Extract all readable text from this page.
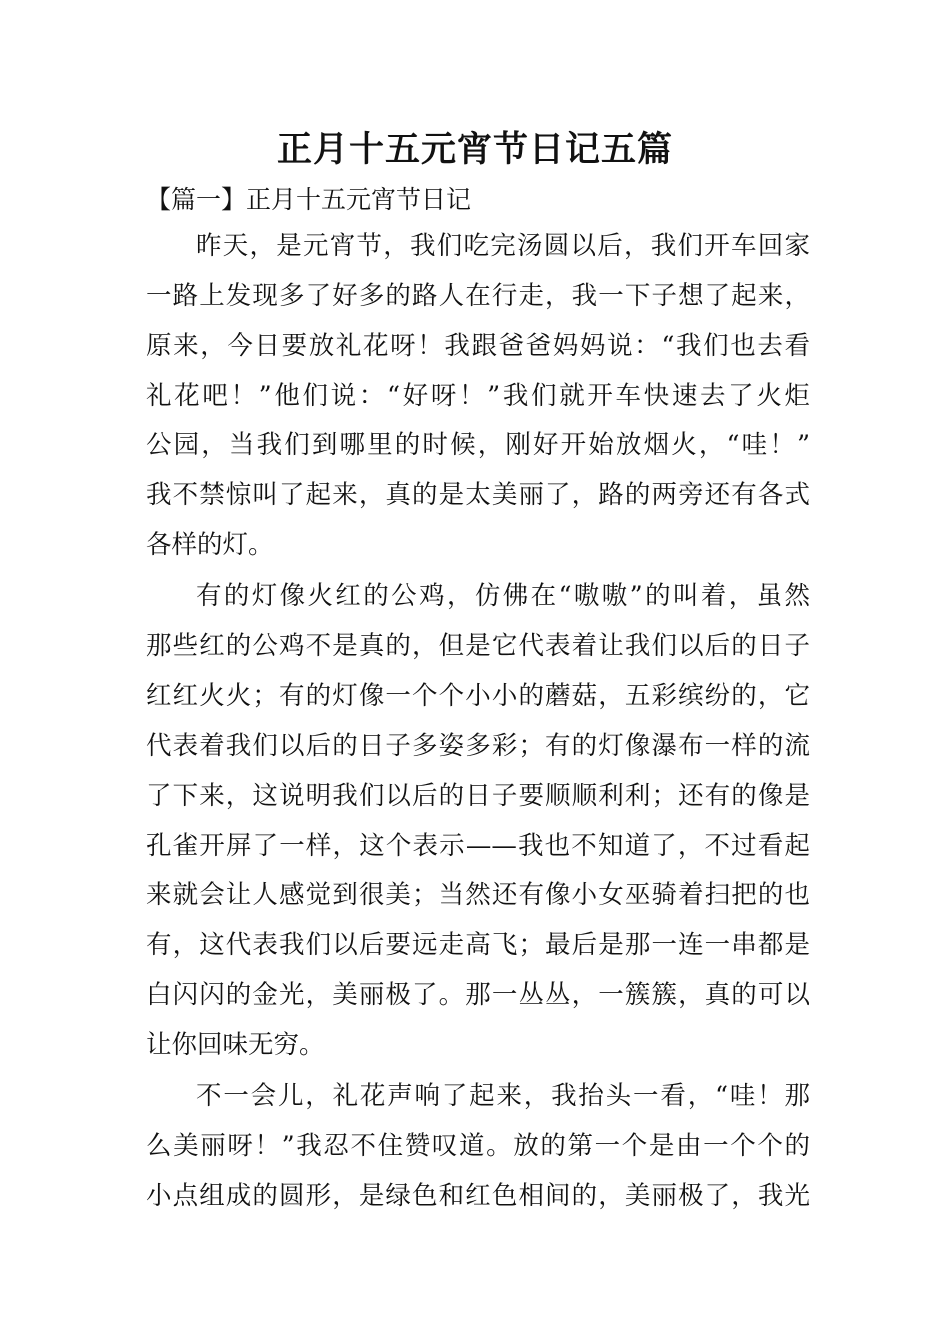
正月十五元宵节日记五篇
【篇一】正月十五元宵节日记
昨天，是元宵节，我们吃完汤圆以后，我们开车回家
一路上发现多了好多的路人在行走，我一下子想了起来，
原来，今日要放礼花呀！我跟爸爸妈妈说：“我们也去看
礼花吧！”他们说：“好呀！”我们就开车快速去了火炬
公园，当我们到哪里的时候，刚好开始放烟火，“哇！”
我不禁惊叫了起来，真的是太美丽了，路的两旁还有各式
各样的灯。
有的灯像火红的公鸡，仿佛在“嗷嗷”的叫着，虽然
那些红的公鸡不是真的，但是它代表着让我们以后的日子
红红火火；有的灯像一个个小小的蘑菇，五彩缤纷的，它
代表着我们以后的日子多姿多彩；有的灯像瀑布一样的流
了下来，这说明我们以后的日子要顺顺利利；还有的像是
孔雀开屏了一样，这个表示——我也不知道了，不过看起
来就会让人感觉到很美；当然还有像小女巫骑着扫把的也
有，这代表我们以后要远走高飞；最后是那一连一串都是
白闪闪的金光，美丽极了。那一丛丛，一簇簇，真的可以
让你回味无穷。
不一会儿，礼花声响了起来，我抬头一看，“哇！那
么美丽呀！”我忍不住赞叹道。放的第一个是由一个个的
小点组成的圆形，是绿色和红色相间的，美丽极了，我光
